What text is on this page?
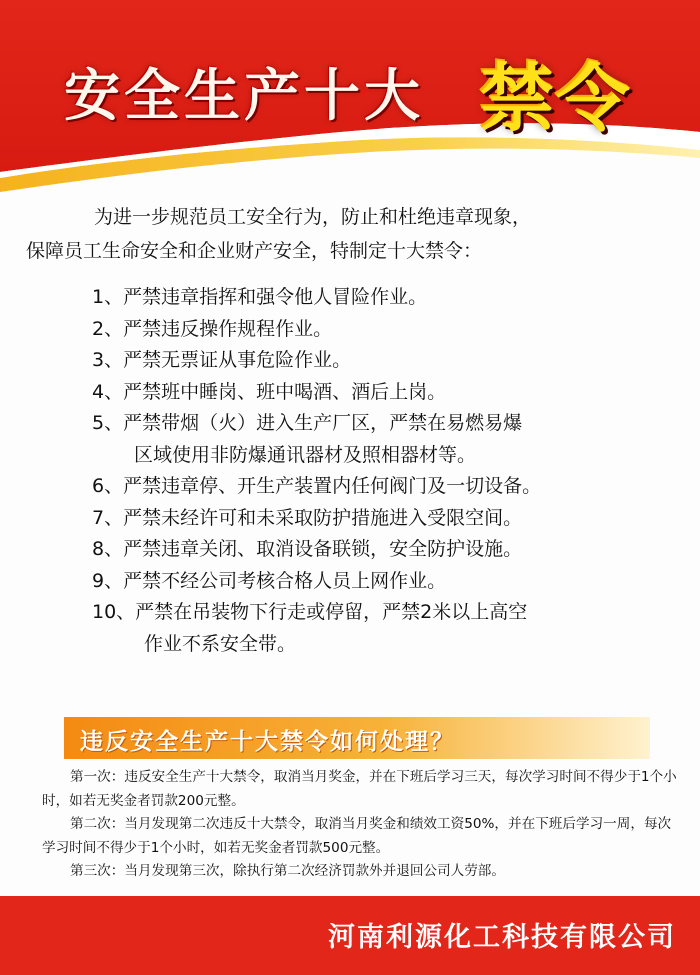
安全生产十大 禁令

为进一步规范员工安全行为，防止和杜绝违章现象，

保障员工生命安全和企业财产安全，特制定十大禁令：

1、严禁违章指挥和强令他人冒险作业。
2、严禁违反操作规程作业。
3、严禁无票证从事危险作业。
4、严禁班中睡岗、班中喝酒、酒后上岗。
5、严禁带烟（火）进入生产厂区，严禁在易燃易爆
区域使用非防爆通讯器材及照相器材等。
6、严禁违章停、开生产装置内任何阀门及一切设备。
7、严禁未经许可和未采取防护措施进入受限空间。
8、严禁违章关闭、取消设备联锁，安全防护设施。
9、严禁不经公司考核合格人员上网作业。
10、严禁在吊装物下行走或停留，严禁2米以上高空
作业不系安全带。
违反安全生产十大禁令如何处理？

第一次：违反安全生产十大禁令，取消当月奖金，并在下班后学习三天，每次学习时间不得少于1个小时，如若无奖金者罚款200元整。

第二次：当月发现第二次违反十大禁令，取消当月奖金和绩效工资50%，并在下班后学习一周，每次学习时间不得少于1个小时，如若无奖金者罚款500元整。

第三次：当月发现第三次，除执行第二次经济罚款外并退回公司人劳部。

河南利源化工科技有限公司
